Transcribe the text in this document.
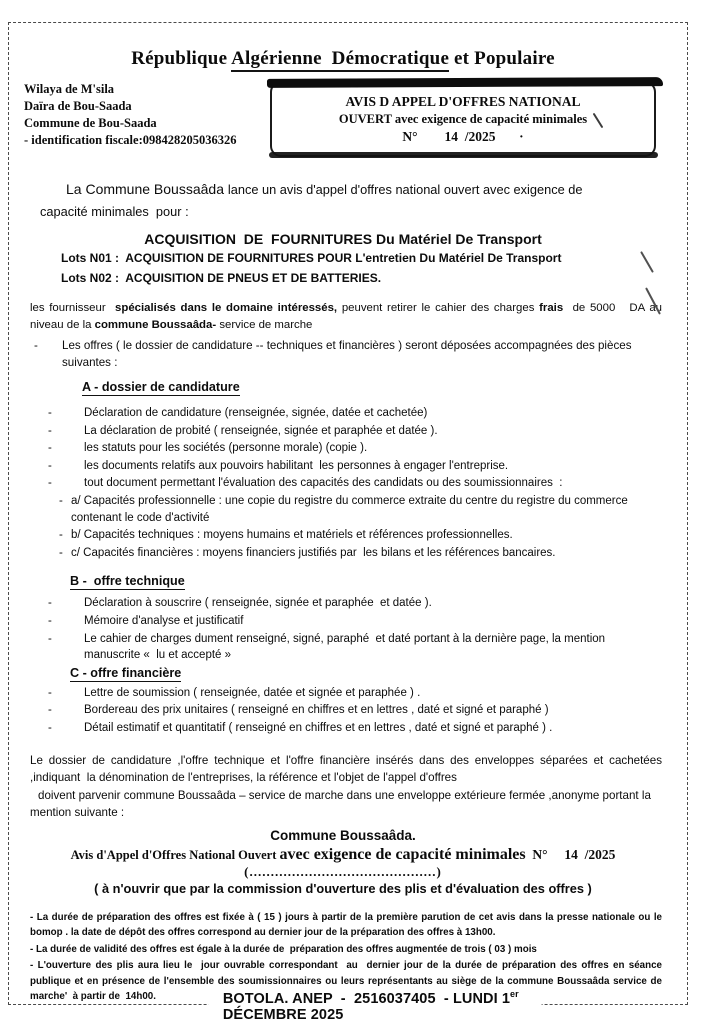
République Algérienne  Démocratique et Populaire
Wilaya de M'sila
Daïra de Bou-Saada
Commune de Bou-Saada
- identification fiscale:098428205036326
AVIS D APPEL D'OFFRES NATIONAL
OUVERT avec exigence de capacité minimales
N°        14  /2025       ·

La Commune Boussaâda lance un avis d'appel d'offres national ouvert avec exigence de capacité minimales  pour :

ACQUISITION  DE  FOURNITURES Du Matériel De Transport
Lots N01 :  ACQUISITION DE FOURNITURES POUR L'entretien Du Matériel De Transport
Lots N02 :  ACQUISITION DE PNEUS ET DE BATTERIES.

les fournisseur  spécialisés dans le domaine intéressés, peuvent retirer le cahier des charges frais  de 5000   DA au niveau de la commune Boussaâda- service de marche

-	Les offres ( le dossier de candidature -- techniques et financières ) seront déposées accompagnées des pièces suivantes :
A - dossier de candidature
-	Déclaration de candidature (renseignée, signée, datée et cachetée)
-	La déclaration de probité ( renseignée, signée et paraphée et datée ).
-	les statuts pour les sociétés (personne morale) (copie ).
-	les documents relatifs aux pouvoirs habilitant  les personnes à engager l'entreprise.
-	tout document permettant l'évaluation des capacités des candidats ou des soumissionnaires  :
- a/ Capacités professionnelle : une copie du registre du commerce extraite du centre du registre du commerce contenant le code d'activité
- b/ Capacités techniques : moyens humains et matériels et références professionnelles.
- c/ Capacités financières : moyens financiers justifiés par  les bilans et les références bancaires.
B -  offre technique
-	Déclaration à souscrire ( renseignée, signée et paraphée  et datée ).
-	Mémoire d'analyse et justificatif
-	Le cahier de charges dument renseigné, signé, paraphé  et daté portant à la dernière page, la mention manuscrite «  lu et accepté »
C - offre financière
-	Lettre de soumission ( renseignée, datée et signée et paraphée ) .
-	Bordereau des prix unitaires ( renseigné en chiffres et en lettres , daté et signé et paraphé )
-	Détail estimatif et quantitatif ( renseigné en chiffres et en lettres , daté et signé et paraphé ) .

Le dossier de candidature ,l'offre technique et l'offre financière insérés dans des enveloppes séparées et cachetées ,indiquant  la dénomination de l'entreprises, la référence et l'objet de l'appel d'offres

doivent parvenir commune Boussaâda – service de marche dans une enveloppe extérieure fermée ,anonyme portant la mention suivante :

Commune Boussaâda.
Avis d'Appel d'Offres National Ouvert avec exigence de capacité minimales  N°     14  /2025
(............................................)
( à n'ouvrir que par la commission d'ouverture des plis et d'évaluation des offres )
- La durée de préparation des offres est fixée à ( 15 ) jours à partir de la première parution de cet avis dans la presse nationale ou le bomop . la date de dépôt des offres correspond au dernier jour de la préparation des offres à 13h00.
- La durée de validité des offres est égale à la durée de  préparation des offres augmentée de trois ( 03 ) mois
- L'ouverture des plis aura lieu le  jour ouvrable correspondant  au  dernier jour de la durée de préparation des offres en séance publique et en présence de l'ensemble des soumissionnaires ou leurs représentants au siège de la commune Boussaâda service de marche'  à partir de  14h00.	BOTOLA. ANEP  -  2516037405  - LUNDI 1er DÉCEMBRE 2025
